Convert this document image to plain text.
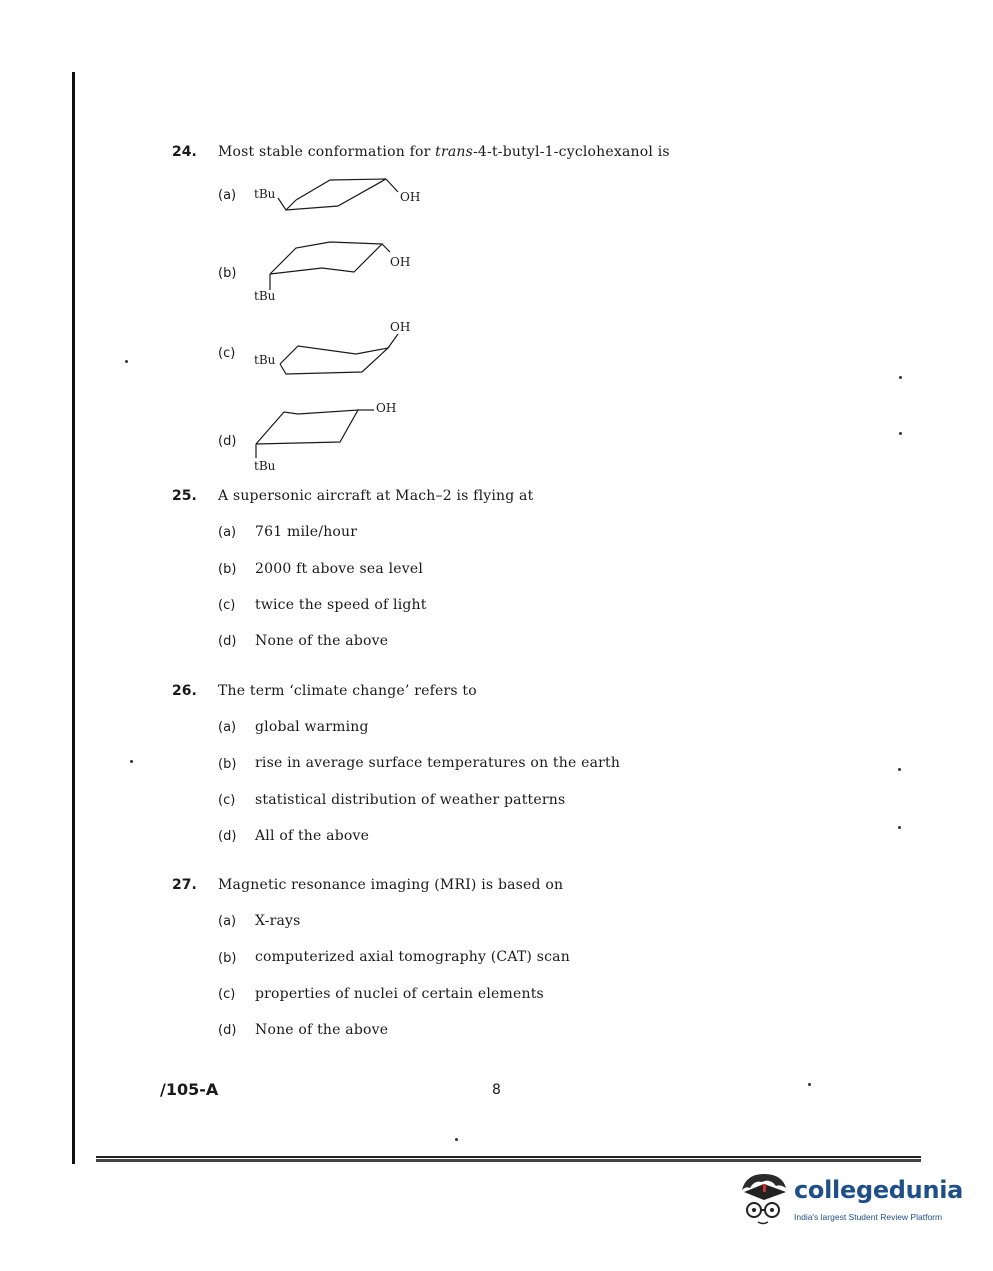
24. Most stable conformation for trans-4-t-butyl-1-cyclohexanol is
(a) tBu	OH
(b)
OH
tBu
(c)
OH
tBu
(d)
OH
tBu
25. A supersonic aircraft at Mach–2 is flying at
(a) 761 mile/hour
(b) 2000 ft above sea level
(c) twice the speed of light
(d) None of the above
26. The term ‘climate change’ refers to
(a) global warming
(b) rise in average surface temperatures on the earth
(c) statistical distribution of weather patterns
(d) All of the above
27. Magnetic resonance imaging (MRI) is based on
(a) X-rays
(b) computerized axial tomography (CAT) scan
(c) properties of nuclei of certain elements
(d) None of the above
/105-A	8
collegedunia
India's largest Student Review Platform
